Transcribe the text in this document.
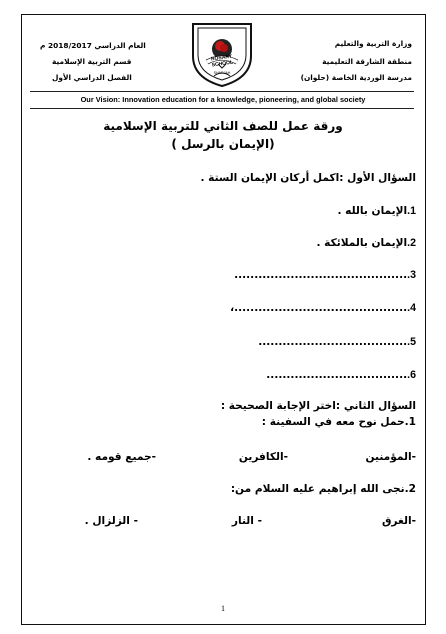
وزارة التربية والتعليم
منطقة الشارقة التعليمية
مدرسة الوردية الخاصة (حلوان)
العام الدراسي 2018/2017 م
قسم التربية الإسلامية
الفصل الدراسي الأول
ROSARY SCHOOL
SHARJAH
Our Vision: Innovation education for a knowledge, pioneering, and global society
ورقة عمل للصف الثاني للتربية الإسلامية
(الإيمان بالرسل )
السؤال الأول :اكمل أركان الإيمان الستة .
1.الإيمان بالله .
2.الإيمان بالملائكة .
3............................................
4............................................،
5......................................
6....................................
السؤال الثاني :اختر الإجابة الصحيحة :
1.حمل نوح معه في السفينة :
-المؤمنين
-الكافرين
-جميع قومه .
2.نجى الله إبراهيم عليه السلام من:
-الغرق
- النار
- الزلزال .
1
